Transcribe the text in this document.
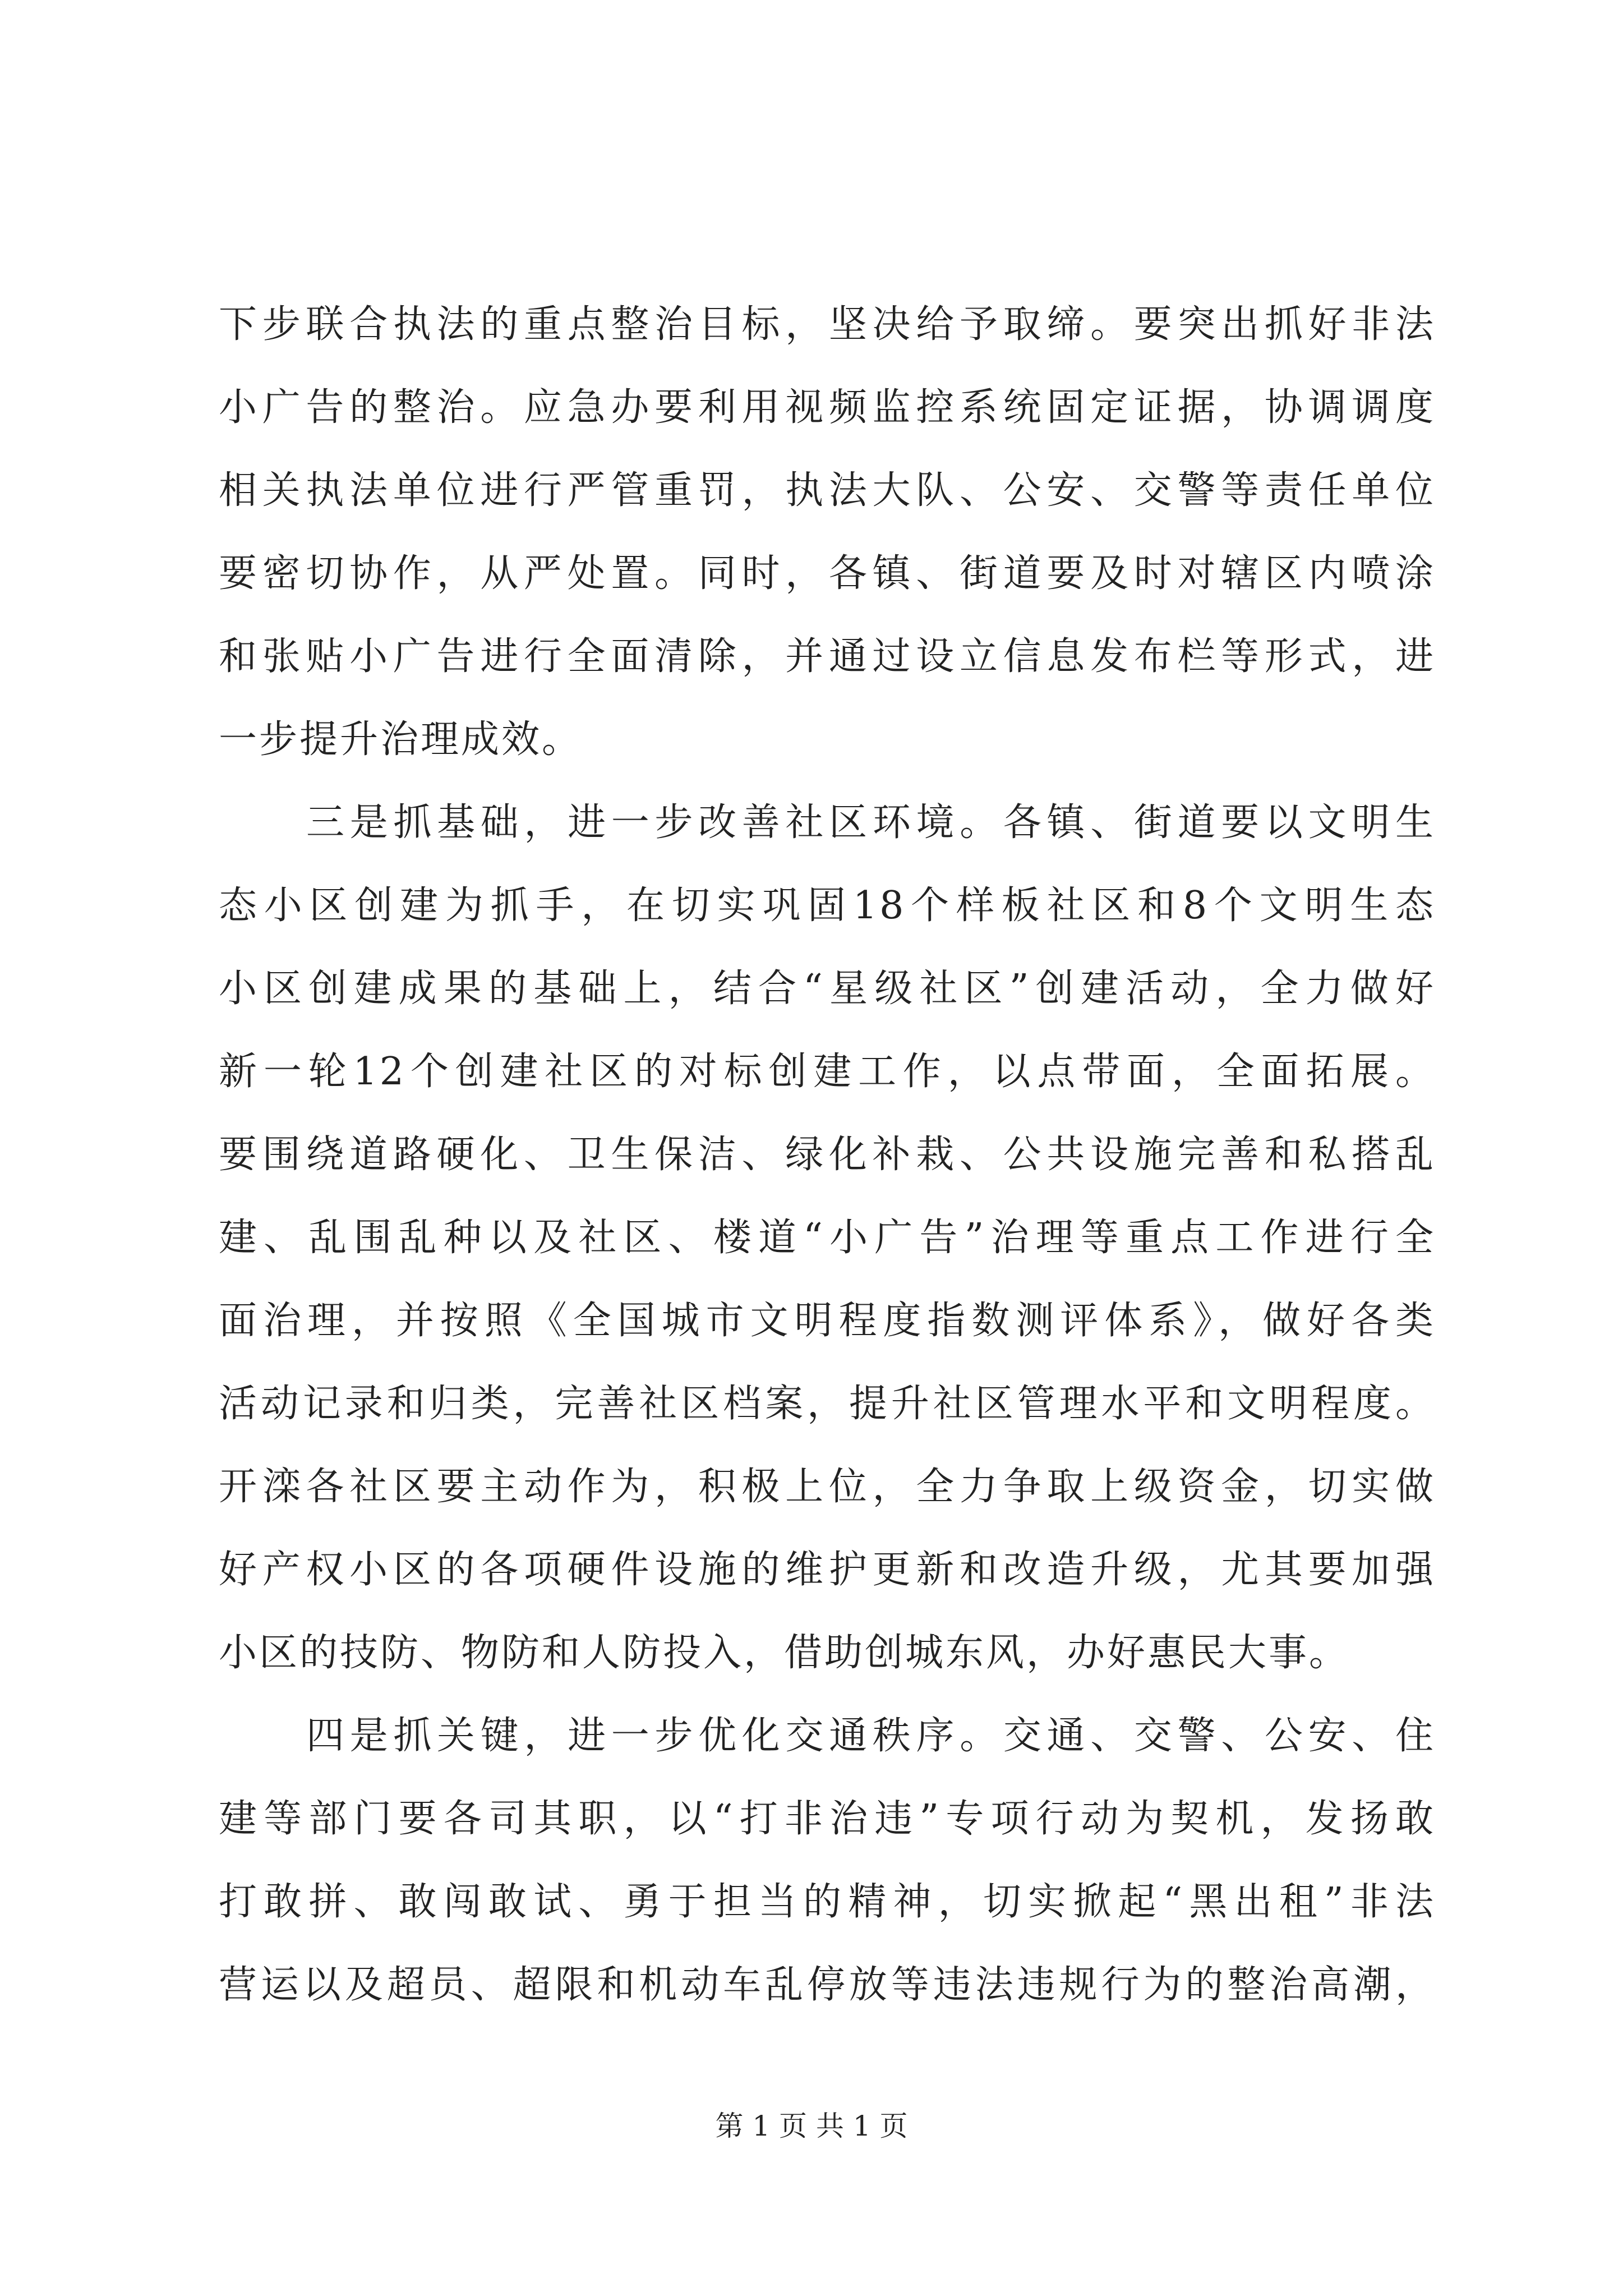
下步联合执法的重点整治目标，坚决给予取缔。要突出抓好非法
小广告的整治。应急办要利用视频监控系统固定证据，协调调度
相关执法单位进行严管重罚，执法大队、公安、交警等责任单位
要密切协作，从严处置。同时，各镇、街道要及时对辖区内喷涂
和张贴小广告进行全面清除，并通过设立信息发布栏等形式，进
一步提升治理成效。
三是抓基础，进一步改善社区环境。各镇、街道要以文明生
态小区创建为抓手，在切实巩固18个样板社区和8个文明生态
小区创建成果的基础上，结合“星级社区”创建活动，全力做好
新一轮12个创建社区的对标创建工作，以点带面，全面拓展。
要围绕道路硬化、卫生保洁、绿化补栽、公共设施完善和私搭乱
建、乱围乱种以及社区、楼道“小广告”治理等重点工作进行全
面治理，并按照《全国城市文明程度指数测评体系》，做好各类
活动记录和归类，完善社区档案，提升社区管理水平和文明程度。
开滦各社区要主动作为，积极上位，全力争取上级资金，切实做
好产权小区的各项硬件设施的维护更新和改造升级，尤其要加强
小区的技防、物防和人防投入，借助创城东风，办好惠民大事。
四是抓关键，进一步优化交通秩序。交通、交警、公安、住
建等部门要各司其职，以“打非治违”专项行动为契机，发扬敢
打敢拼、敢闯敢试、勇于担当的精神，切实掀起“黑出租”非法
营运以及超员、超限和机动车乱停放等违法违规行为的整治高潮，
第 1 页 共 1 页
